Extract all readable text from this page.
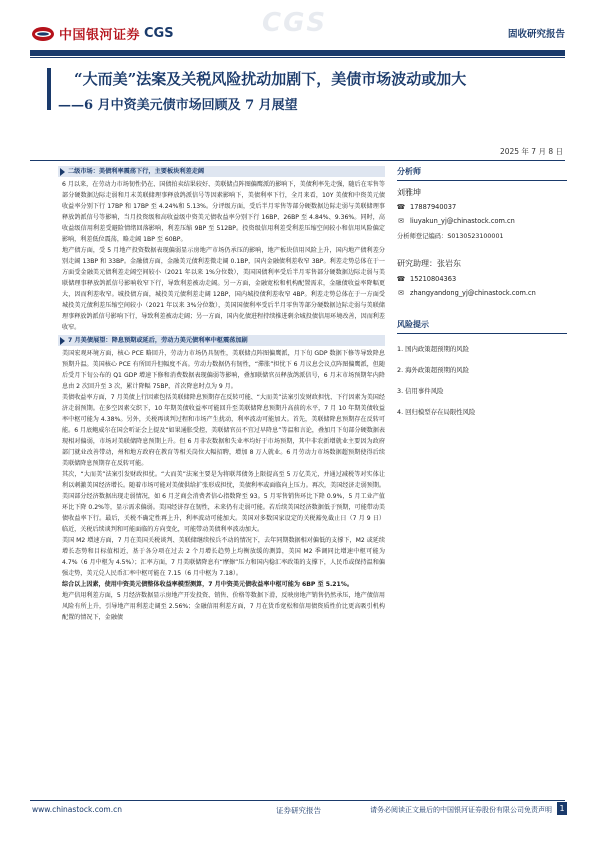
中国银河证券 CGS	CGS	固收研究报告
“大而美”法案及关税风险扰动加剧下，美债市场波动或加大
——6 月中资美元债市场回顾及 7 月展望
2025 年 7 月 8 日
二级市场：美债利率震荡下行，主要板块利差走阔

6 月以来，在劳动力市场韧性仍在、国债拍卖结果较好、美联储点阵图偏鹰派的影响下，美债利率先走强，随后在零售等部分硬数据边际走弱和月末美联储理事释放鸽派信号等因素影响下，美债利率下行，全月来看，10Y 美债和中资美元债收益率分别下行 17BP 和 17BP 至 4.24%和 5.13%。分评级方面，受后半月零售等部分硬数据边际走弱与美联储理事释放鸽派信号等影响，当月投资级和高收益级中资美元债收益率分别下行 16BP、26BP 至 4.84%、9.36%。同时，高收益级信用利差受避险情绪回落影响，利差压缩 9BP 至 512BP。投资级信用利差受利差压缩空间较小和信用风险偏定影响，利差低位震荡，略走阔 1BP 至 60BP。

地产债方面，受 5 月地产投资数据表现偏弱显示房地产市场仍承压的影响，地产板块信用风险上升，国内地产债利差分别走阔 13BP 和 33BP。金融债方面，金融美元债利差微走阔 0.1BP，国内金融债利差收窄 3BP。利差走势总体在于一方面受金融美元债利差走阔空间较小（2021 年以来 1%分位数），美国国债利率受后半月零售部分硬数据边际走弱与美联储理事释放鸽派信号影响收窄下行，导致利差被动走阔。另一方面，金融宽松和机构配置需求，金融债收益率降幅更大，因而利差收窄。城投债方面，城投美元债利差走阔 12BP，国内城投债利差收窄 4BP。利差走势总体在于一方面受城投美元债利差压缩空间较小（2021 年以来 3%分位数），美国国债利率受后半月零售等部分硬数据边际走弱与美联储理事释放鸽派信号影响下行，导致利差被动走阔；另一方面，国内化债进程持续推进剩余城投债信用环境改善，因而利差收窄。

7 月美债展望：降息预期或延后，劳动力美元债利率中枢震荡加剧

美国宏观环境方面，核心 PCE 略回升，劳动力市场仍具韧性，美联储点阵图偏鹰派，月下旬 GDP 数据下修等导致降息预期升温。美国核心 PCE 有所回升但幅度不高。劳动力数据仍有韧性，“滞胀”担忧下 6 月议息会议点阵图偏鹰派，但随后受月下旬公布的 Q1 GDP 增速下修和消费数据表现偏弱等影响，叠加联储官员释放鸽派信号，6 月末市场预期年内降息由 2 次回升至 3 次，累计降幅 75BP，首次降息时点为 9 月。

美债收益率方面，7 月美债上行因素包括美联储降息预期存在反转可能、“大而美”法案引发财政担忧、下行因素为美国经济走弱预期。在多空因素交织下，10 年期美债收益率可能回升至美联储降息预期升高前的水平，7 月 10 年期美债收益率中枢可能为 4.38%。另外，关税再谈判过程和市场产生扰动，利率波动可能加大。首先，美联储降息预期存在反转可能。6 月底鲍威尔在国会听证会上提及“如果通胀受控，美联储官员不宜过早降息”等温和言论，叠加月下旬部分硬数据表现相对偏弱，市场对美联储降息预期上升。但 6 月非农数据和失业率均好于市场预期，其中非农新增就业主要因为政府部门就业改善带动，州和地方政府在教育等相关岗位大幅招聘，增加 8 万人就业。6 月劳动力市场数据超预期使得后续美联储降息预期存在反转可能。

其次，“大而美”法案引发财政担忧。“大而美”法案主要是为将联邦债务上限提高至 5 万亿美元，并通过减税等对实体让利以刺激美国经济增长。随着市场可能对美债供给扩张形成担忧，美债利率或面临向上压力。再次，美国经济走弱预期。美国部分经济数据出现走弱情况，如 6 月芝商会消费者信心指数降至 93。5 月零售销售环比下降 0.9%，5 月工业产值环比下降 0.2%等，显示需求偏弱。美国经济存在韧性，未来仍有走弱可能。若后续美国经济数据低于预期，可能带动美债收益率下行。最后，关税不确定性再上升，利率波动可能加大。美国对多数国家设定的关税豁免截止日（7 月 9 日）临近，关税后续谈判和可能面临的方向变化，可能带动美债利率波动加大。

美国 M2 增速方面，7 月在美国关税谈判、美联储继续按兵不动的情况下，去年同期数据相对偏低的支撑下，M2 或延续增长态势和目标值相近，基于各分项在过去 2 个月增长趋势上均衡放缓的测算，美国 M2 季调同比增速中枢可能为 4.7%（6 月中枢为 4.5%）；汇率方面，7 月美联储降息有“摩擦”压力和国内稳汇率政策的支撑下，人民币或保持温和偏强走势，美元兑人民币汇率中枢可能在 7.15（6 月中枢为 7.18）。

综合以上因素，使用中资美元债整体收益率模型测算，7 月中资美元债收益率中枢可能为 6BP 至 5.21%。

地产信用利差方面，5 月经济数据显示房地产开发投资、销售、价格等数据下滑，反映房地产销售仍然承压，地产债信用风险有所上升，引导地产用利差走阔至 2.56%；金融信用利差方面，7 月在货币宽松和信用债资质性价比更高吸引机构配置的情况下，金融债

分析师
刘雅坤
☎ 17887940037
✉ liuyakun_yj@chinastock.com.cn
分析师登记编码：S0130523100001
研究助理：张岩东
☎ 15210804363
✉ zhangyandong_yj@chinastock.com.cn
风险提示
1. 国内政策超预期的风险
2. 海外政策超预期的风险
3. 信用事件风险
4. 回归模型存在局限性风险
www.chinastock.com.cn	证券研究报告	请务必阅读正文最后的中国银河证券股份有限公司免责声明 1
